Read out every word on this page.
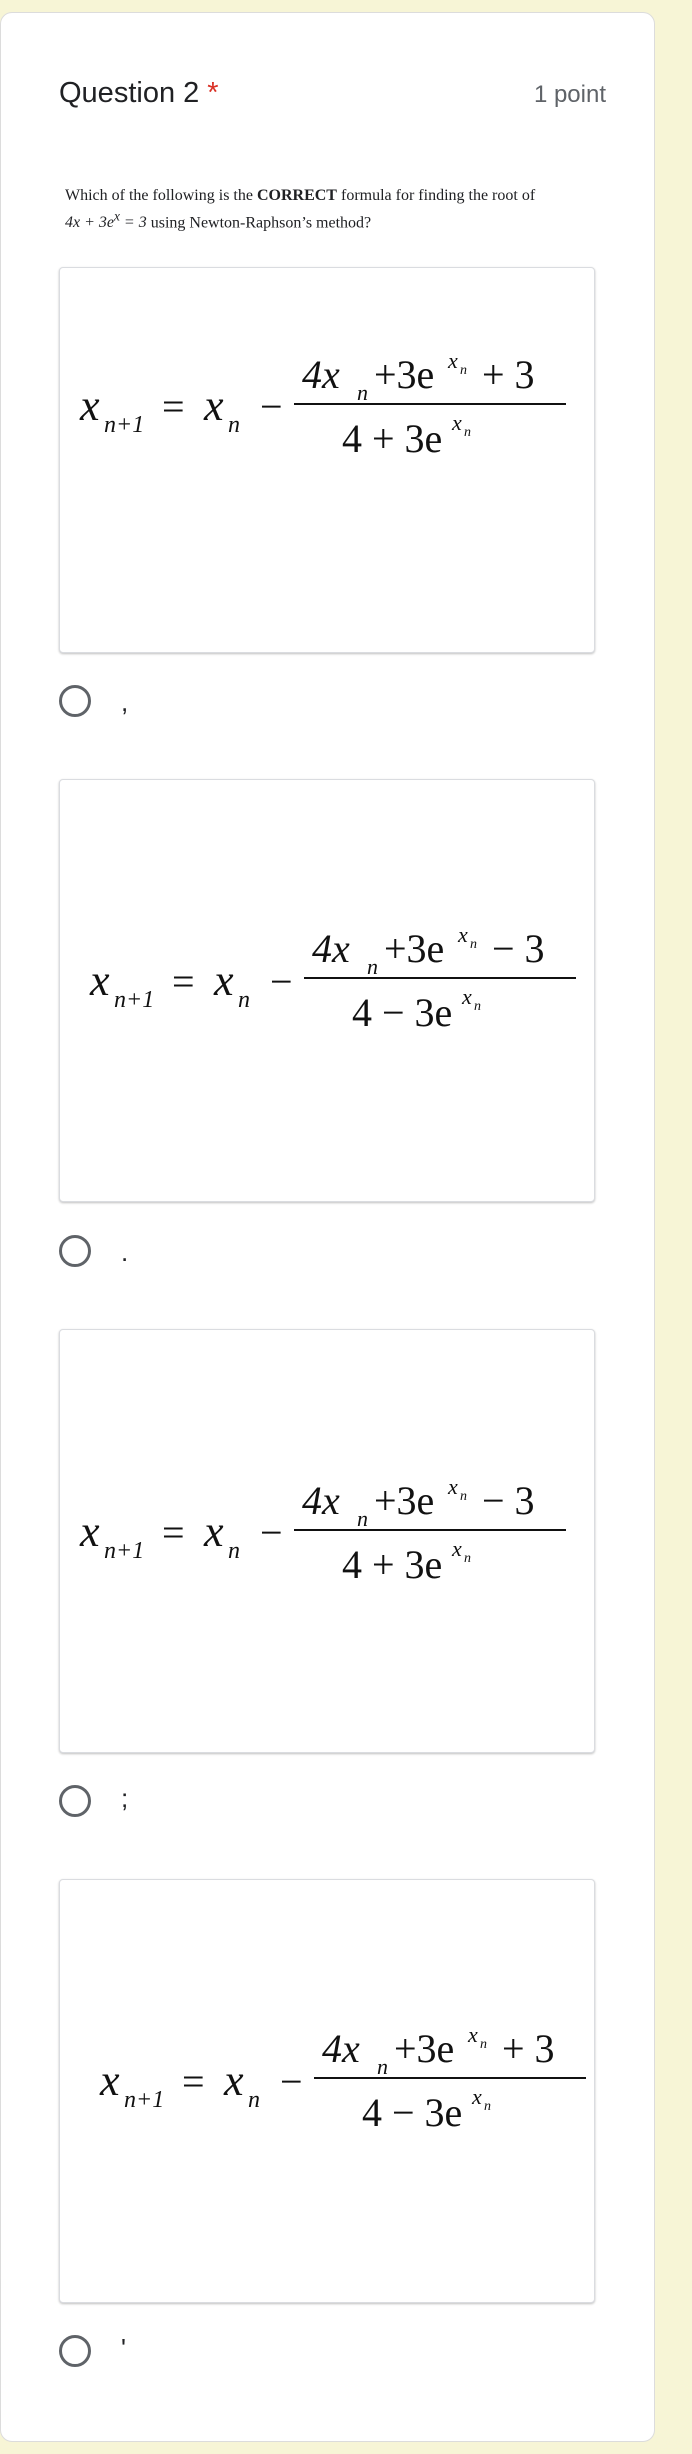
Question 2 *	1 point
Which of the following is the CORRECT formula for finding the root of
$4x + 3e^x = 3$ using Newton-Raphson’s method?
x n+1 = x n −
4x n +3e x n + 3
4 + 3e x n
,
x n+1 = x n −
4x n +3e x n − 3
4 − 3e x n
.
x n+1 = x n −
4x n +3e x n − 3
4 + 3e x n
;
x n+1 = x n −
4x n +3e x n + 3
4 − 3e x n
'
